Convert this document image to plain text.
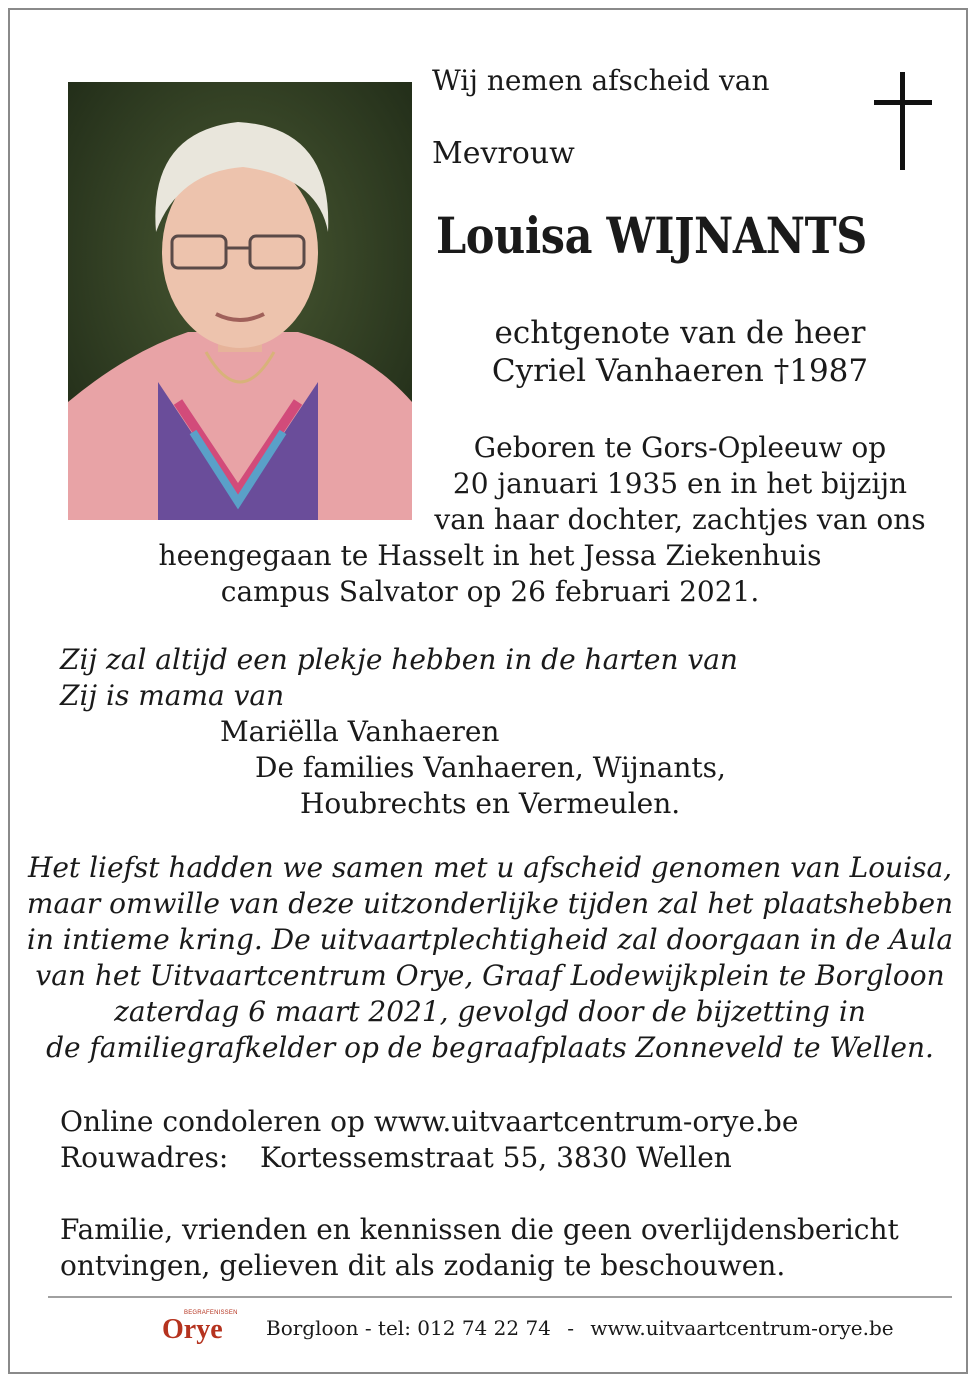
Wij nemen afscheid van
Mevrouw
Louisa WIJNANTS
echtgenote van de heer
Cyriel Vanhaeren †1987
Geboren te Gors-Opleeuw op
20 januari 1935 en in het bijzijn
van haar dochter, zachtjes van ons
heengegaan te Hasselt in het Jessa Ziekenhuis
campus Salvator op 26 februari 2021.
Zij zal altijd een plekje hebben in de harten van
Zij is mama van
Mariëlla Vanhaeren
De families Vanhaeren, Wijnants,
Houbrechts en Vermeulen.
Het liefst hadden we samen met u afscheid genomen van Louisa,
maar omwille van deze uitzonderlijke tijden zal het plaatshebben
in intieme kring. De uitvaartplechtigheid zal doorgaan in de Aula
van het Uitvaartcentrum Orye, Graaf Lodewijkplein te Borgloon
zaterdag 6 maart 2021, gevolgd door de bijzetting in
de familiegrafkelder op de begraafplaats Zonneveld te Wellen.
Online condoleren op www.uitvaartcentrum-orye.be
Rouwadres: Kortessemstraat 55, 3830 Wellen
Familie, vrienden en kennissen die geen overlijdensbericht
ontvingen, gelieven dit als zodanig te beschouwen.
BEGRAFENISSEN
Orye Borgloon - tel: 012 74 22 74 - www.uitvaartcentrum-orye.be
